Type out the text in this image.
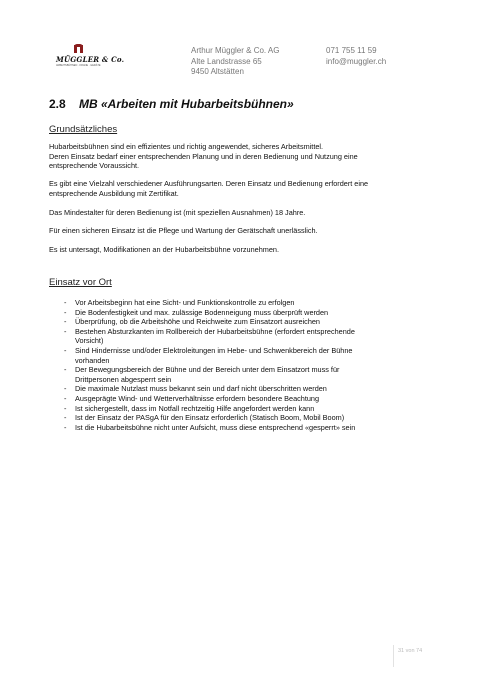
MÜGGLER & Co.
ARBEITSBÜHNEN · KRANE · GERÄTE
Arthur Müggler & Co. AG
Alte Landstrasse 65
9450 Altstätten
071 755 11 59
info@muggler.ch
2.8 MB «Arbeiten mit Hubarbeitsbühnen»
Grundsätzliches
Hubarbeitsbühnen sind ein effizientes und richtig angewendet, sicheres Arbeitsmittel.
Deren Einsatz bedarf einer entsprechenden Planung und in deren Bedienung und Nutzung eine
entsprechende Voraussicht.
Es gibt eine Vielzahl verschiedener Ausführungsarten. Deren Einsatz und Bedienung erfordert eine
entsprechende Ausbildung mit Zertifikat.
Das Mindestalter für deren Bedienung ist (mit speziellen Ausnahmen) 18 Jahre.
Für einen sicheren Einsatz ist die Pflege und Wartung der Gerätschaft unerlässlich.
Es ist untersagt, Modifikationen an der Hubarbeitsbühne vorzunehmen.
Einsatz vor Ort
- Vor Arbeitsbeginn hat eine Sicht- und Funktionskontrolle zu erfolgen
- Die Bodenfestigkeit und max. zulässige Bodenneigung muss überprüft werden
- Überprüfung, ob die Arbeitshöhe und Reichweite zum Einsatzort ausreichen
- Bestehen Absturzkanten im Rollbereich der Hubarbeitsbühne (erfordert entsprechende
Vorsicht)
- Sind Hindernisse und/oder Elektroleitungen im Hebe- und Schwenkbereich der Bühne
vorhanden
- Der Bewegungsbereich der Bühne und der Bereich unter dem Einsatzort muss für
Drittpersonen abgesperrt sein
- Die maximale Nutzlast muss bekannt sein und darf nicht überschritten werden
- Ausgeprägte Wind- und Wetterverhältnisse erfordern besondere Beachtung
- Ist sichergestellt, dass im Notfall rechtzeitig Hilfe angefordert werden kann
- Ist der Einsatz der PASgA für den Einsatz erforderlich (Statisch Boom, Mobil Boom)
- Ist die Hubarbeitsbühne nicht unter Aufsicht, muss diese entsprechend «gesperrt» sein
31 von 74
